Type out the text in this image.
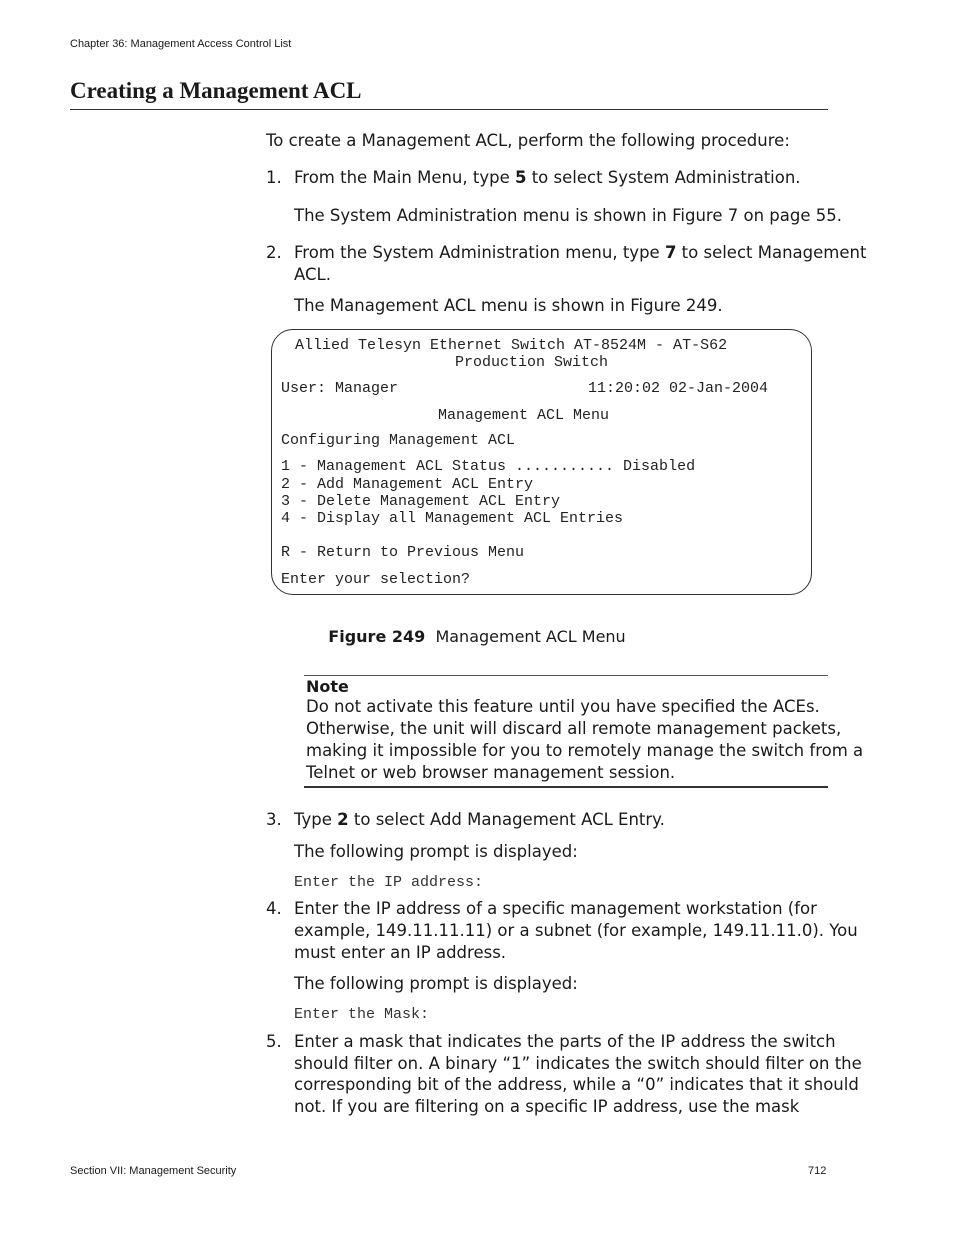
Chapter 36: Management Access Control List
Creating a Management ACL
To create a Management ACL, perform the following procedure:
1. From the Main Menu, type 5 to select System Administration.
The System Administration menu is shown in Figure 7 on page 55.
2. From the System Administration menu, type 7 to select Management
ACL.
The Management ACL menu is shown in Figure 249.
Allied Telesyn Ethernet Switch AT-8524M - AT-S62
Production Switch
User: Manager	11:20:02 02-Jan-2004
Management ACL Menu
Configuring Management ACL
1 - Management ACL Status ........... Disabled
2 - Add Management ACL Entry
3 - Delete Management ACL Entry
4 - Display all Management ACL Entries
R - Return to Previous Menu
Enter your selection?
Figure 249 Management ACL Menu
Note
Do not activate this feature until you have specified the ACEs.
Otherwise, the unit will discard all remote management packets,
making it impossible for you to remotely manage the switch from a
Telnet or web browser management session.
3. Type 2 to select Add Management ACL Entry.
The following prompt is displayed:
Enter the IP address:
4. Enter the IP address of a specific management workstation (for
example, 149.11.11.11) or a subnet (for example, 149.11.11.0). You
must enter an IP address.
The following prompt is displayed:
Enter the Mask:
5. Enter a mask that indicates the parts of the IP address the switch
should filter on. A binary “1” indicates the switch should filter on the
corresponding bit of the address, while a “0” indicates that it should
not. If you are filtering on a specific IP address, use the mask
Section VII: Management Security	712
